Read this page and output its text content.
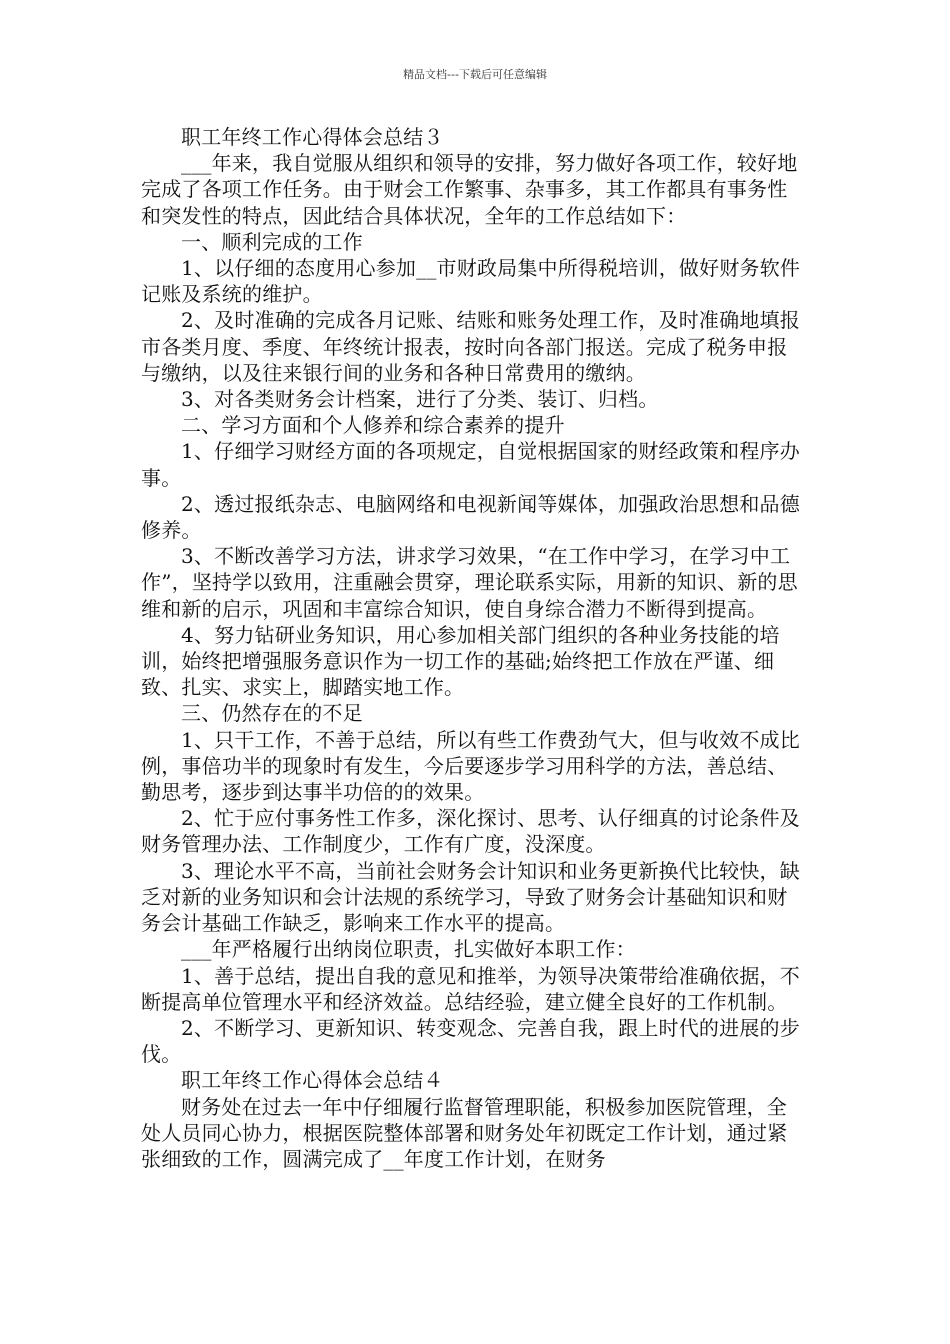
精品文档---下载后可任意编辑

职工年终工作心得体会总结３

___年来，我自觉服从组织和领导的安排，努力做好各项工作，较好地完成了各项工作任务。由于财会工作繁事、杂事多，其工作都具有事务性和突发性的特点，因此结合具体状况，全年的工作总结如下：

一、顺利完成的工作

1、以仔细的态度用心参加__市财政局集中所得税培训，做好财务软件记账及系统的维护。

2、及时准确的完成各月记账、结账和账务处理工作，及时准确地填报市各类月度、季度、年终统计报表，按时向各部门报送。完成了税务申报与缴纳，以及往来银行间的业务和各种日常费用的缴纳。

3、对各类财务会计档案，进行了分类、装订、归档。

二、学习方面和个人修养和综合素养的提升

1、仔细学习财经方面的各项规定，自觉根据国家的财经政策和程序办事。

2、透过报纸杂志、电脑网络和电视新闻等媒体，加强政治思想和品德修养。

3、不断改善学习方法，讲求学习效果，“在工作中学习，在学习中工作”，坚持学以致用，注重融会贯穿，理论联系实际，用新的知识、新的思维和新的启示，巩固和丰富综合知识，使自身综合潜力不断得到提高。

4、努力钻研业务知识，用心参加相关部门组织的各种业务技能的培训，始终把增强服务意识作为一切工作的基础;始终把工作放在严谨、细致、扎实、求实上，脚踏实地工作。

三、仍然存在的不足

1、只干工作，不善于总结，所以有些工作费劲气大，但与收效不成比例，事倍功半的现象时有发生，今后要逐步学习用科学的方法，善总结、勤思考，逐步到达事半功倍的的效果。

2、忙于应付事务性工作多，深化探讨、思考、认仔细真的讨论条件及财务管理办法、工作制度少，工作有广度，没深度。

3、理论水平不高，当前社会财务会计知识和业务更新换代比较快，缺乏对新的业务知识和会计法规的系统学习，导致了财务会计基础知识和财务会计基础工作缺乏，影响来工作水平的提高。

___年严格履行出纳岗位职责，扎实做好本职工作：

1、善于总结，提出自我的意见和推举，为领导决策带给准确依据，不断提高单位管理水平和经济效益。总结经验，建立健全良好的工作机制。

2、不断学习、更新知识、转变观念、完善自我，跟上时代的进展的步伐。

职工年终工作心得体会总结４

财务处在过去一年中仔细履行监督管理职能，积极参加医院管理，全处人员同心协力，根据医院整体部署和财务处年初既定工作计划，通过紧张细致的工作，圆满完成了__年度工作计划，在财务
